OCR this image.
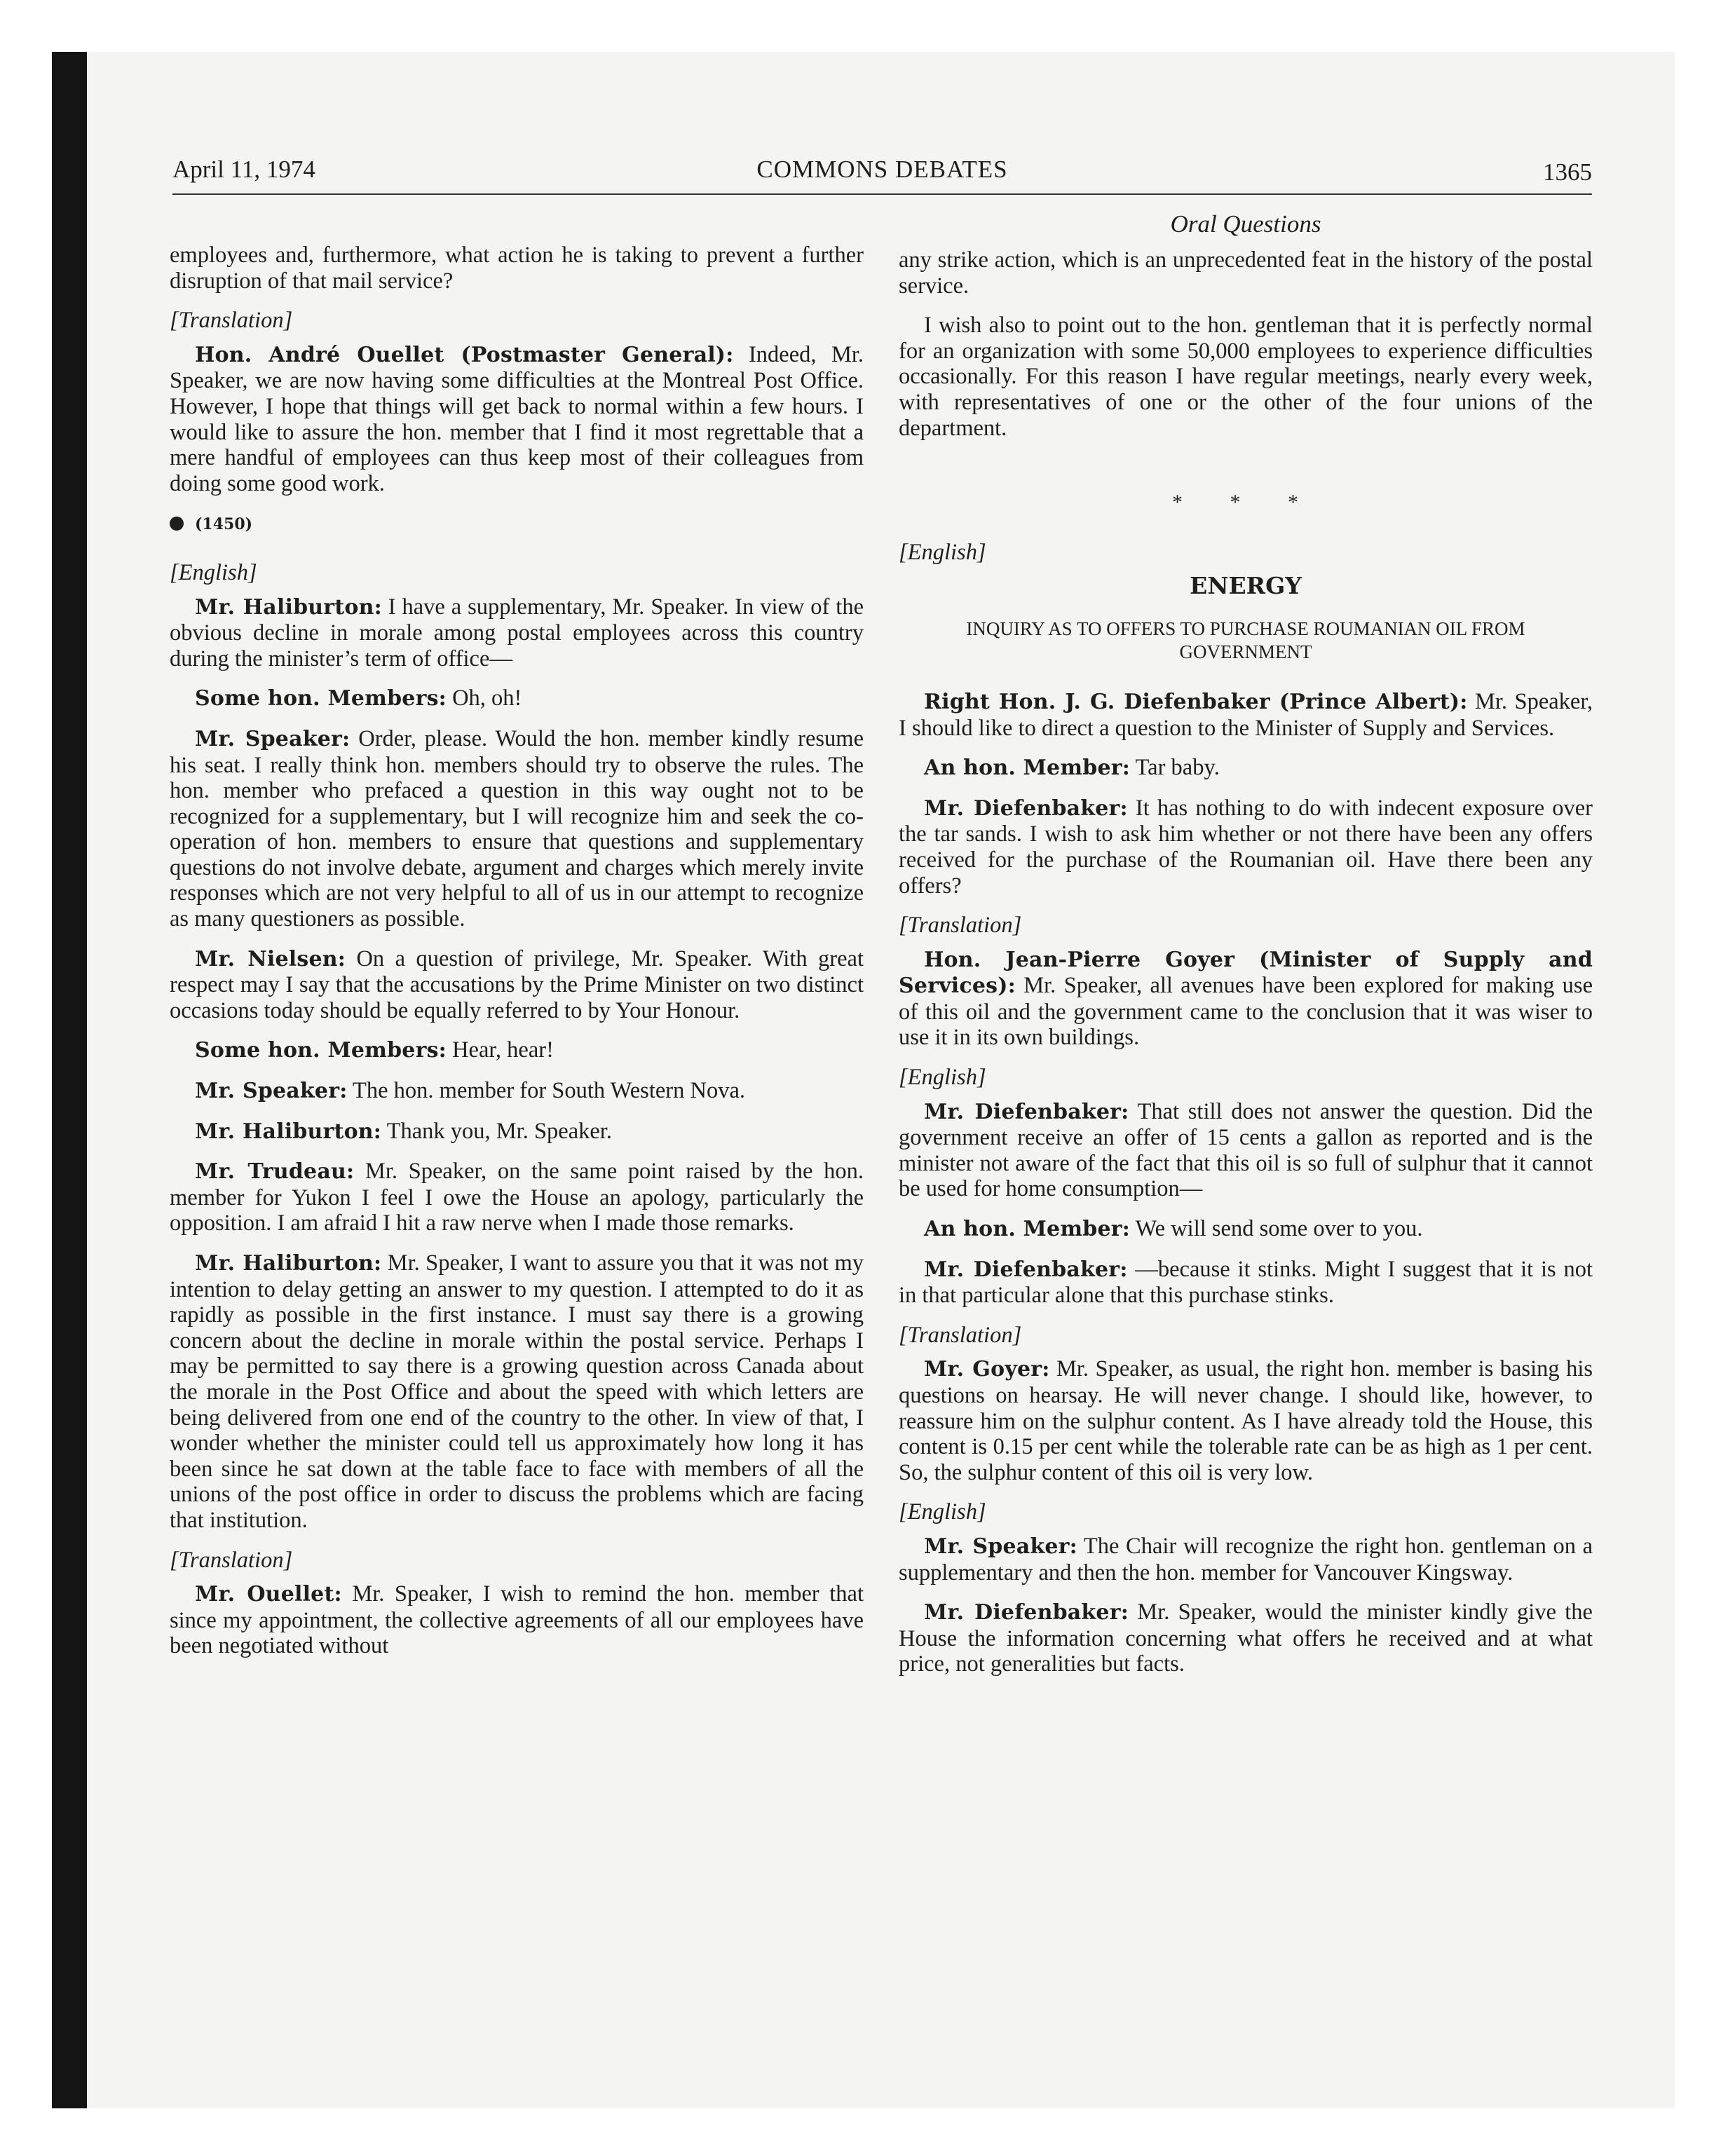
April 11, 1974	COMMONS DEBATES	1365
Oral Questions

employees and, furthermore, what action he is taking to prevent a further disruption of that mail service?

[Translation]

Hon. André Ouellet (Postmaster General): Indeed, Mr. Speaker, we are now having some difficulties at the Montreal Post Office. However, I hope that things will get back to normal within a few hours. I would like to assure the hon. member that I find it most regrettable that a mere handful of employees can thus keep most of their colleagues from doing some good work.

(1450)
[English]

Mr. Haliburton: I have a supplementary, Mr. Speaker. In view of the obvious decline in morale among postal employees across this country during the minister’s term of office—

Some hon. Members: Oh, oh!

Mr. Speaker: Order, please. Would the hon. member kindly resume his seat. I really think hon. members should try to observe the rules. The hon. member who prefaced a question in this way ought not to be recognized for a supplementary, but I will recognize him and seek the co-operation of hon. members to ensure that questions and supplementary questions do not involve debate, argument and charges which merely invite responses which are not very helpful to all of us in our attempt to recognize as many questioners as possible.

Mr. Nielsen: On a question of privilege, Mr. Speaker. With great respect may I say that the accusations by the Prime Minister on two distinct occasions today should be equally referred to by Your Honour.

Some hon. Members: Hear, hear!

Mr. Speaker: The hon. member for South Western Nova.

Mr. Haliburton: Thank you, Mr. Speaker.

Mr. Trudeau: Mr. Speaker, on the same point raised by the hon. member for Yukon I feel I owe the House an apology, particularly the opposition. I am afraid I hit a raw nerve when I made those remarks.

Mr. Haliburton: Mr. Speaker, I want to assure you that it was not my intention to delay getting an answer to my question. I attempted to do it as rapidly as possible in the first instance. I must say there is a growing concern about the decline in morale within the postal service. Perhaps I may be permitted to say there is a growing question across Canada about the morale in the Post Office and about the speed with which letters are being delivered from one end of the country to the other. In view of that, I wonder whether the minister could tell us approximately how long it has been since he sat down at the table face to face with members of all the unions of the post office in order to discuss the problems which are facing that institution.

[Translation]

Mr. Ouellet: Mr. Speaker, I wish to remind the hon. member that since my appointment, the collective agreements of all our employees have been negotiated without

any strike action, which is an unprecedented feat in the history of the postal service.

I wish also to point out to the hon. gentleman that it is perfectly normal for an organization with some 50,000 employees to experience difficulties occasionally. For this reason I have regular meetings, nearly every week, with representatives of one or the other of the four unions of the department.

* * *
[English]
ENERGY
INQUIRY AS TO OFFERS TO PURCHASE ROUMANIAN OIL FROM GOVERNMENT

Right Hon. J. G. Diefenbaker (Prince Albert): Mr. Speaker, I should like to direct a question to the Minister of Supply and Services.

An hon. Member: Tar baby.

Mr. Diefenbaker: It has nothing to do with indecent exposure over the tar sands. I wish to ask him whether or not there have been any offers received for the purchase of the Roumanian oil. Have there been any offers?

[Translation]

Hon. Jean-Pierre Goyer (Minister of Supply and Services): Mr. Speaker, all avenues have been explored for making use of this oil and the government came to the conclusion that it was wiser to use it in its own buildings.

[English]

Mr. Diefenbaker: That still does not answer the question. Did the government receive an offer of 15 cents a gallon as reported and is the minister not aware of the fact that this oil is so full of sulphur that it cannot be used for home consumption—

An hon. Member: We will send some over to you.

Mr. Diefenbaker: —because it stinks. Might I suggest that it is not in that particular alone that this purchase stinks.

[Translation]

Mr. Goyer: Mr. Speaker, as usual, the right hon. member is basing his questions on hearsay. He will never change. I should like, however, to reassure him on the sulphur content. As I have already told the House, this content is 0.15 per cent while the tolerable rate can be as high as 1 per cent. So, the sulphur content of this oil is very low.

[English]

Mr. Speaker: The Chair will recognize the right hon. gentleman on a supplementary and then the hon. member for Vancouver Kingsway.

Mr. Diefenbaker: Mr. Speaker, would the minister kindly give the House the information concerning what offers he received and at what price, not generalities but facts.
